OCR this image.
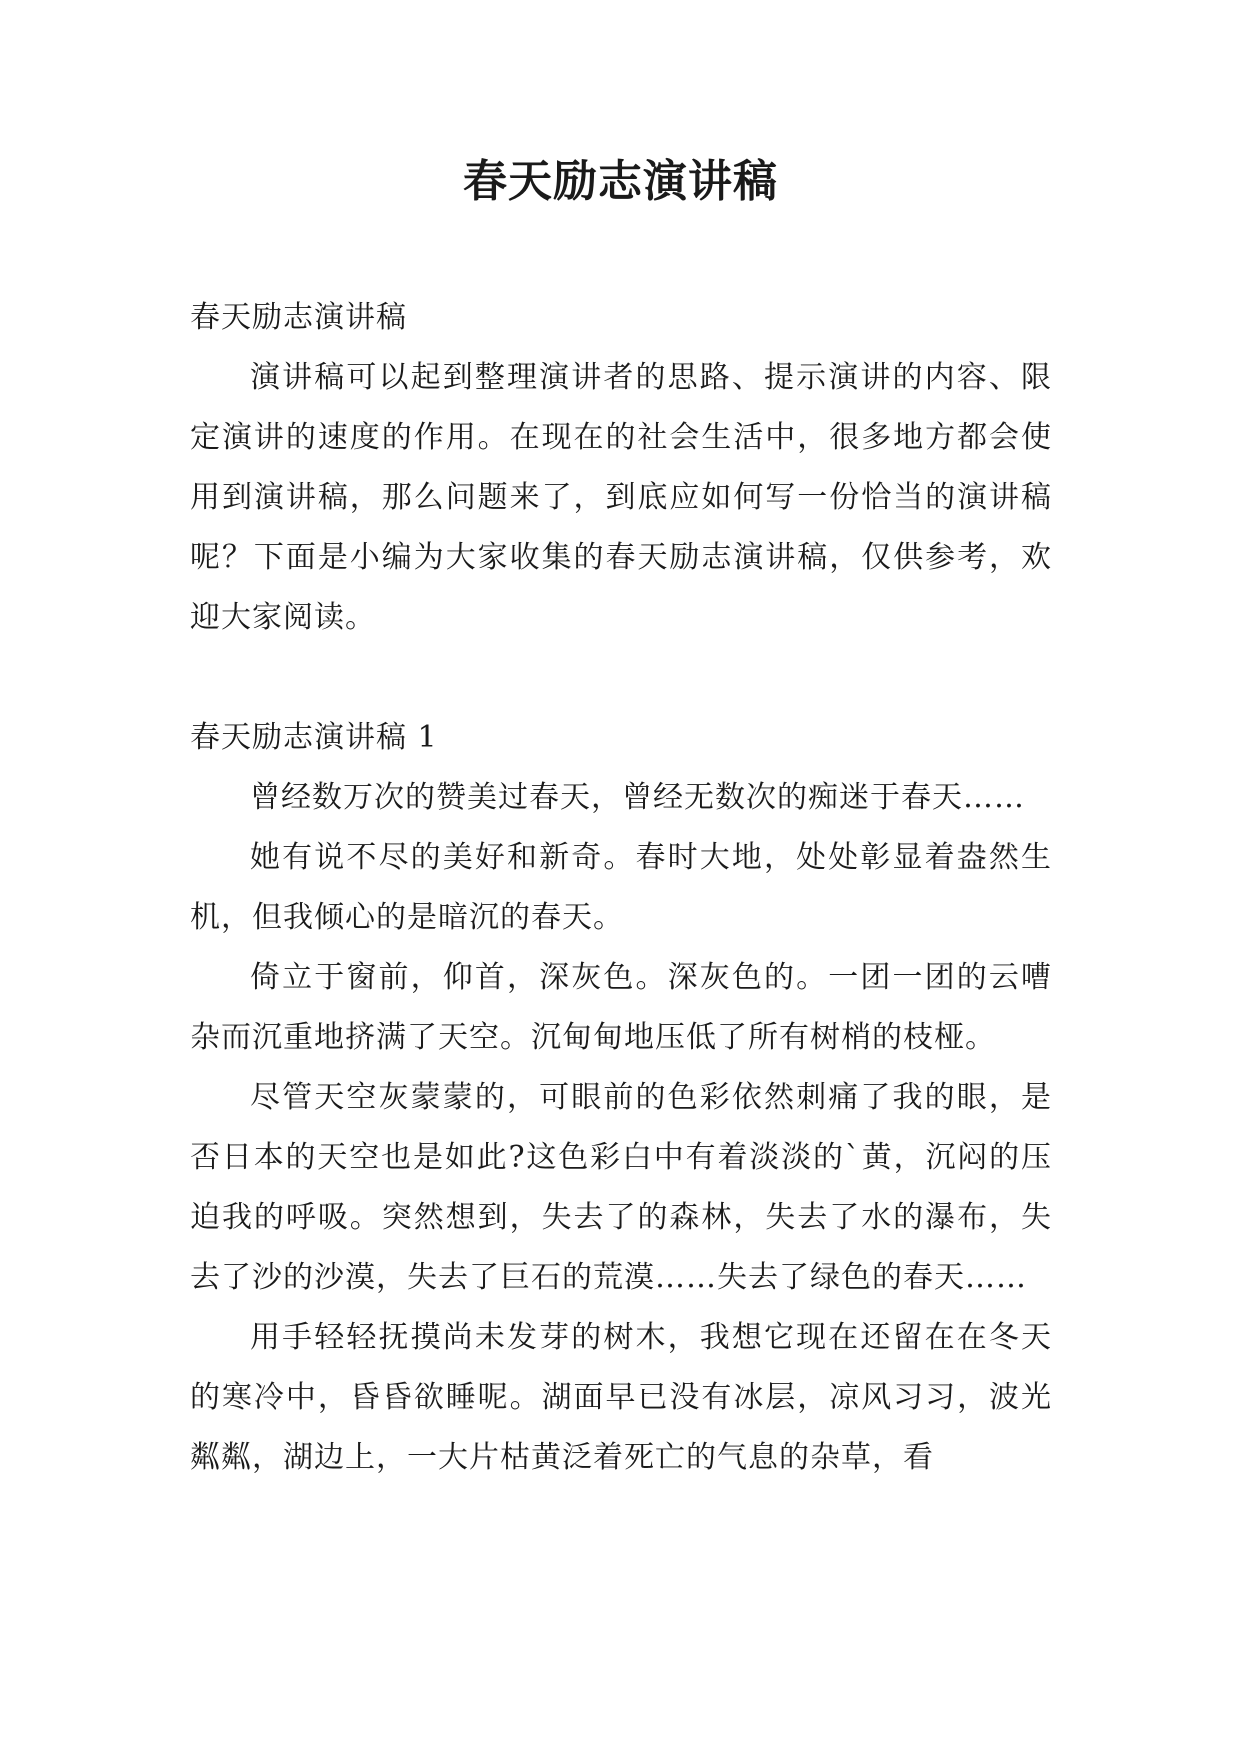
春天励志演讲稿

春天励志演讲稿

演讲稿可以起到整理演讲者的思路、提示演讲的内容、限定演讲的速度的作用。在现在的社会生活中，很多地方都会使用到演讲稿，那么问题来了，到底应如何写一份恰当的演讲稿呢？下面是小编为大家收集的春天励志演讲稿，仅供参考，欢迎大家阅读。

春天励志演讲稿 1

曾经数万次的赞美过春天，曾经无数次的痴迷于春天……

她有说不尽的美好和新奇。春时大地，处处彰显着盎然生机，但我倾心的是暗沉的春天。

倚立于窗前，仰首，深灰色。深灰色的。一团一团的云嘈杂而沉重地挤满了天空。沉甸甸地压低了所有树梢的枝桠。

尽管天空灰蒙蒙的，可眼前的色彩依然刺痛了我的眼，是否日本的天空也是如此?这色彩白中有着淡淡的`黄，沉闷的压迫我的呼吸。突然想到，失去了的森林，失去了水的瀑布，失去了沙的沙漠，失去了巨石的荒漠……失去了绿色的春天……

用手轻轻抚摸尚未发芽的树木，我想它现在还留在在冬天的寒冷中，昏昏欲睡呢。湖面早已没有冰层，凉风习习，波光粼粼，湖边上，一大片枯黄泛着死亡的气息的杂草，看
